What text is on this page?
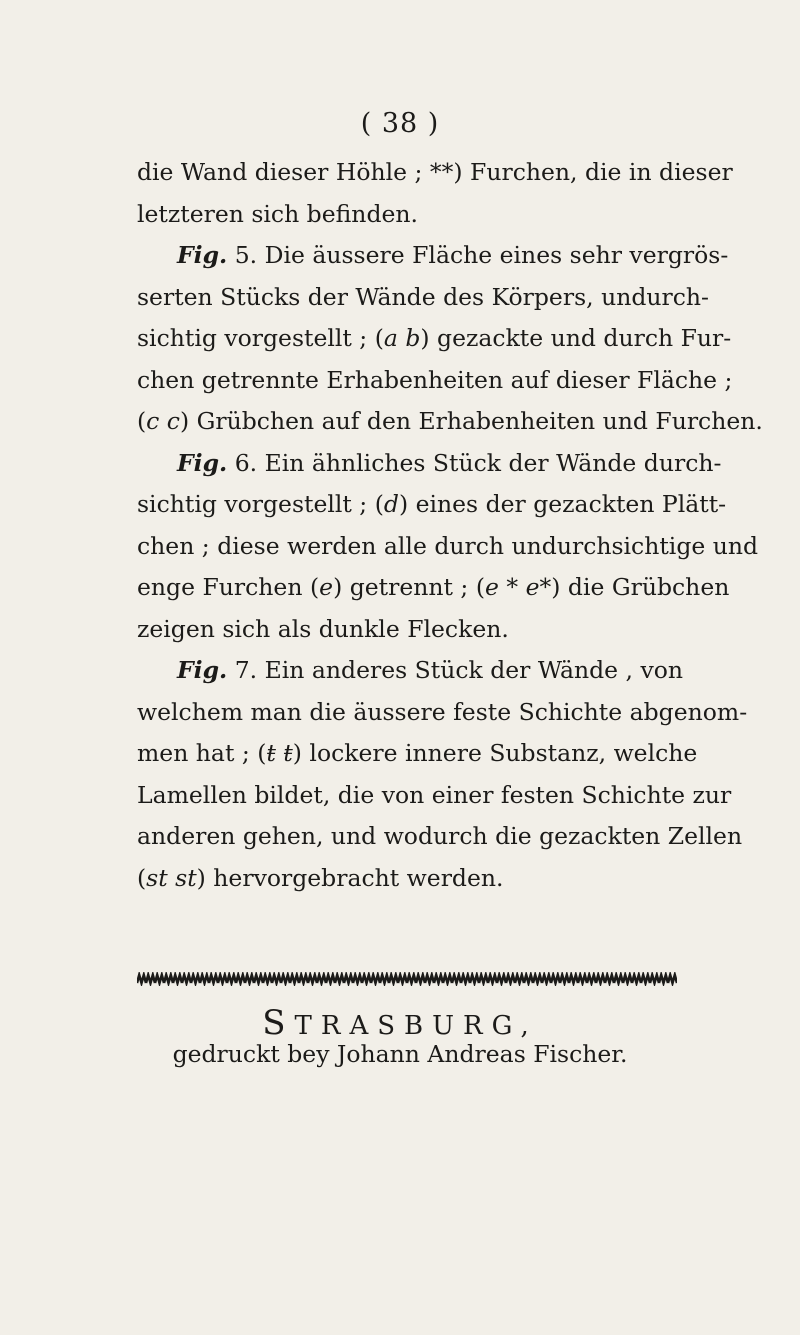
( 38 )
die Wand dieser Höhle ; **) Furchen, die in dieser
letzteren sich befinden.
Fig. 5. Die äussere Fläche eines sehr vergrös-
serten Stücks der Wände des Körpers, undurch-
sichtig vorgestellt ; (a b) gezackte und durch Fur-
chen getrennte Erhabenheiten auf dieser Fläche ;
(c c) Grübchen auf den Erhabenheiten und Furchen.
Fig. 6. Ein ähnliches Stück der Wände durch-
sichtig vorgestellt ; (d) eines der gezackten Plätt-
chen ; diese werden alle durch undurchsichtige und
enge Furchen (e) getrennt ; (e * e*) die Grübchen
zeigen sich als dunkle Flecken.
Fig. 7. Ein anderes Stück der Wände , von
welchem man die äussere feste Schichte abgenom-
men hat ; (ŧ ŧ) lockere innere Substanz, welche
Lamellen bildet, die von einer festen Schichte zur
anderen gehen, und wodurch die gezackten Zellen
(st st) hervorgebracht werden.
STRASBURG,
gedruckt bey Johann Andreas Fischer.
